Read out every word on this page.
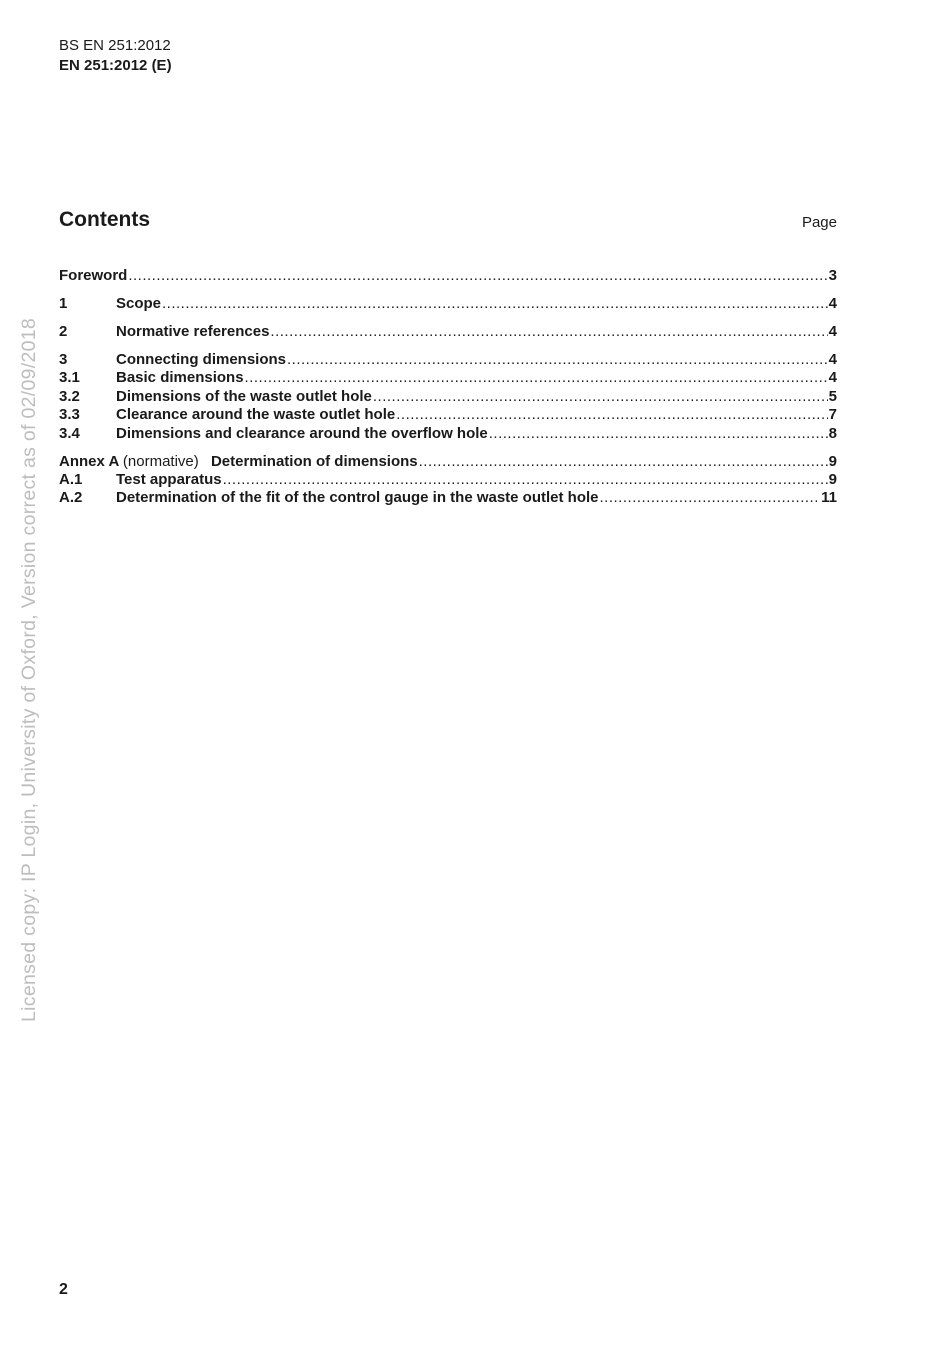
BS EN 251:2012
EN 251:2012 (E)
Contents	Page
Foreword .....	3
1	Scope .....	4
2	Normative references .....	4
3	Connecting dimensions .....	4
3.1	Basic dimensions .....	4
3.2	Dimensions of the waste outlet hole .....	5
3.3	Clearance around the waste outlet hole .....	7
3.4	Dimensions and clearance around the overflow hole .....	8
Annex A (normative) Determination of dimensions .....	9
A.1	Test apparatus .....	9
A.2	Determination of the fit of the control gauge in the waste outlet hole .....	11
Licensed copy: IP Login, University of Oxford, Version correct as of 02/09/2018
2
